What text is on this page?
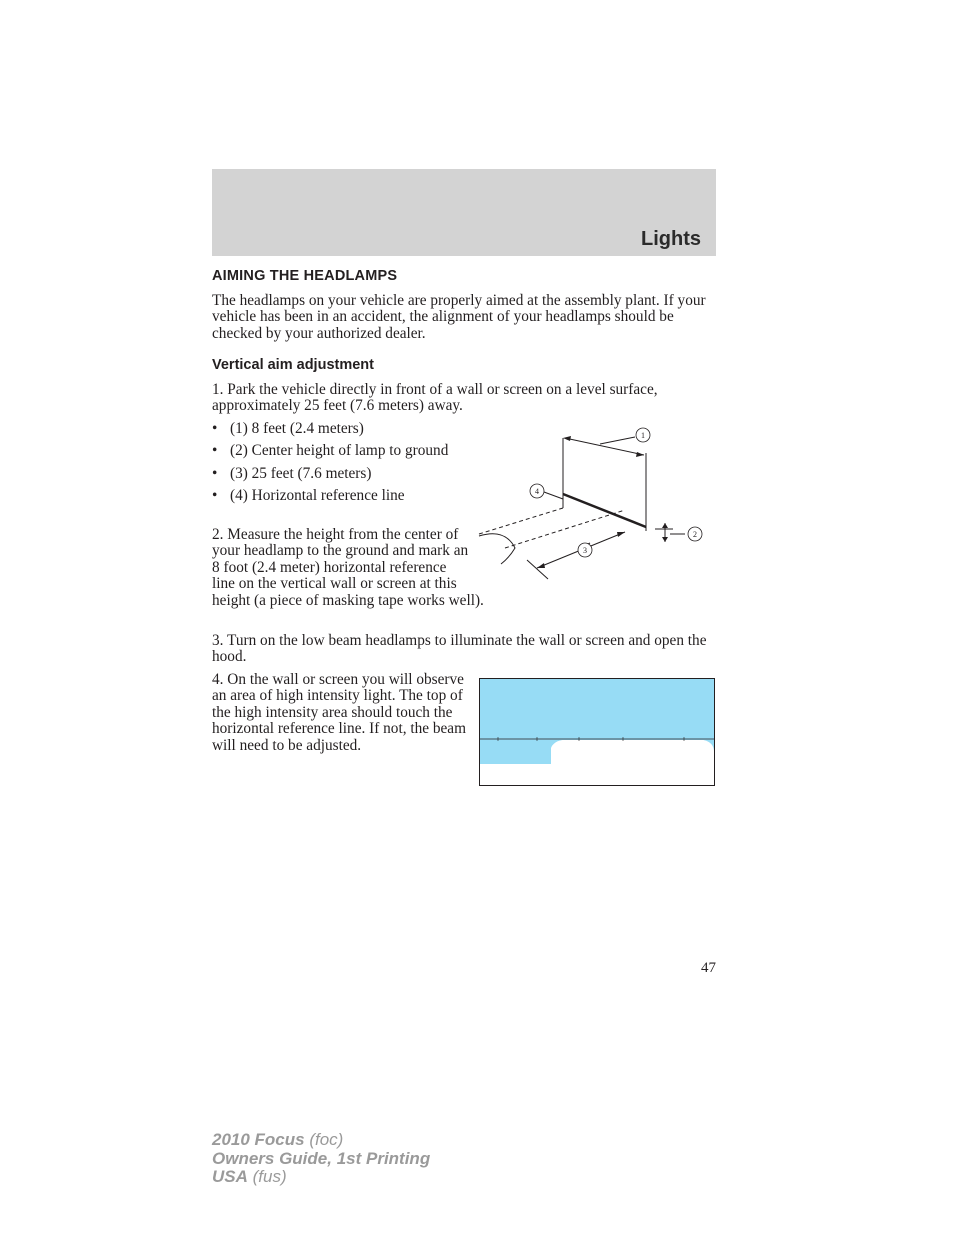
Lights
AIMING THE HEADLAMPS

The headlamps on your vehicle are properly aimed at the assembly plant. If your vehicle has been in an accident, the alignment of your headlamps should be checked by your authorized dealer.

Vertical aim adjustment

1. Park the vehicle directly in front of a wall or screen on a level surface, approximately 25 feet (7.6 meters) away.

• (1) 8 feet (2.4 meters)
• (2) Center height of lamp to ground
• (3) 25 feet (7.6 meters)
• (4) Horizontal reference line

2. Measure the height from the center of your headlamp to the ground and mark an 8 foot (2.4 meter) horizontal reference line on the vertical wall or screen at this
height (a piece of masking tape works well).

1
2
3
4

3. Turn on the low beam headlamps to illuminate the wall or screen and open the hood.

4. On the wall or screen you will observe an area of high intensity light. The top of the high intensity area should touch the horizontal reference line. If not, the beam will need to be adjusted.

47
2010 Focus (foc)
Owners Guide, 1st Printing
USA (fus)
